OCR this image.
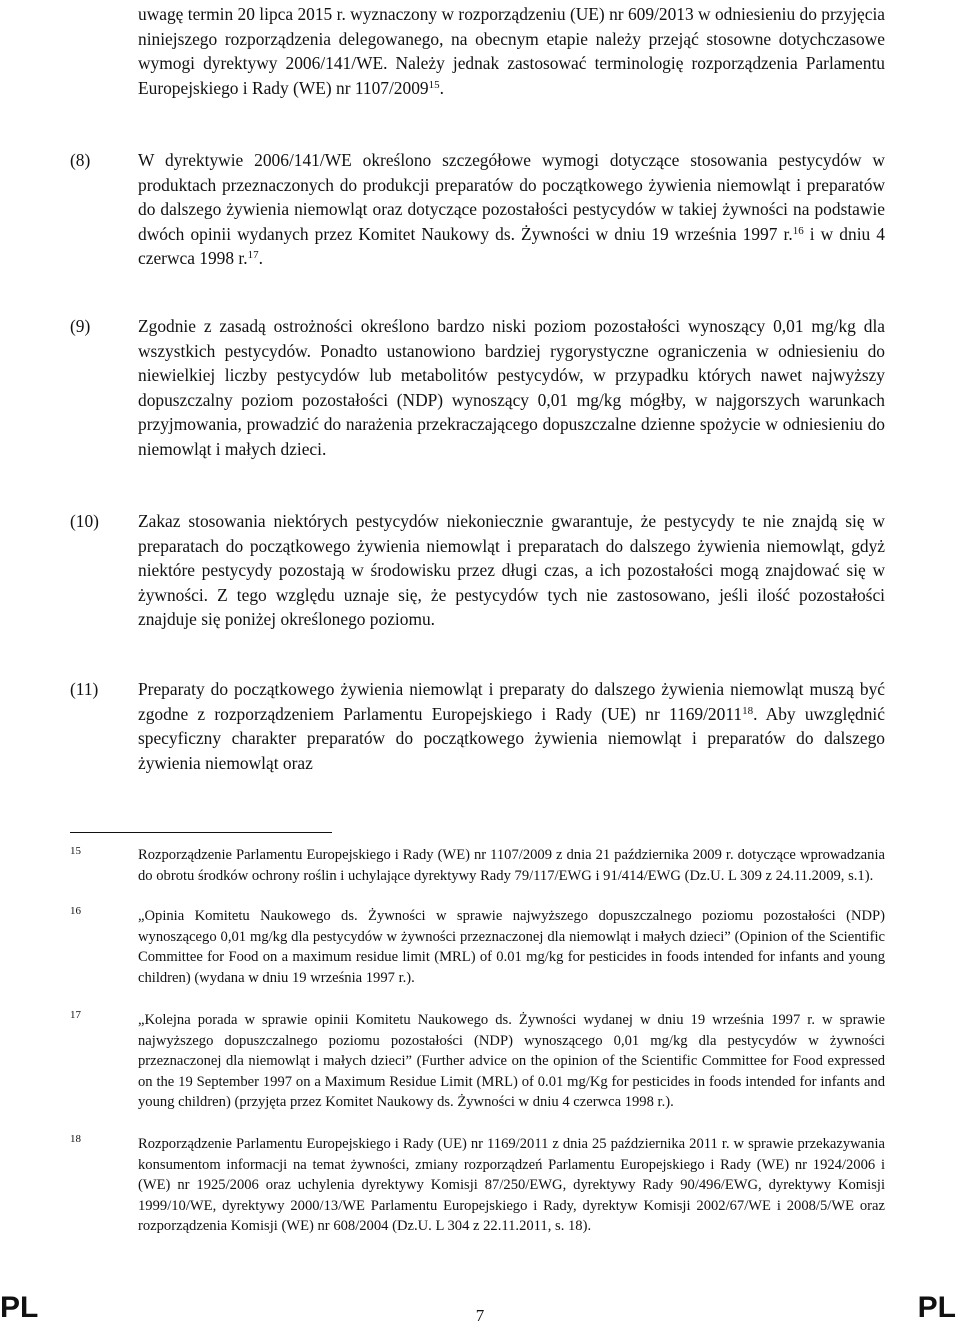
uwagę termin 20 lipca 2015 r. wyznaczony w rozporządzeniu (UE) nr 609/2013 w odniesieniu do przyjęcia niniejszego rozporządzenia delegowanego, na obecnym etapie należy przejąć stosowne dotychczasowe wymogi dyrektywy 2006/141/WE. Należy jednak zastosować terminologię rozporządzenia Parlamentu Europejskiego i Rady (WE) nr 1107/2009$^{15}$.

(8)	W dyrektywie 2006/141/WE określono szczegółowe wymogi dotyczące stosowania pestycydów w produktach przeznaczonych do produkcji preparatów do początkowego żywienia niemowląt i preparatów do dalszego żywienia niemowląt oraz dotyczące pozostałości pestycydów w takiej żywności na podstawie dwóch opinii wydanych przez Komitet Naukowy ds. Żywności w dniu 19 września 1997 r.$^{16}$ i w dniu 4 czerwca 1998 r.$^{17}$.

(9)	Zgodnie z zasadą ostrożności określono bardzo niski poziom pozostałości wynoszący 0,01 mg/kg dla wszystkich pestycydów. Ponadto ustanowiono bardziej rygorystyczne ograniczenia w odniesieniu do niewielkiej liczby pestycydów lub metabolitów pestycydów, w przypadku których nawet najwyższy dopuszczalny poziom pozostałości (NDP) wynoszący 0,01 mg/kg mógłby, w najgorszych warunkach przyjmowania, prowadzić do narażenia przekraczającego dopuszczalne dzienne spożycie w odniesieniu do niemowląt i małych dzieci.

(10)	Zakaz stosowania niektórych pestycydów niekoniecznie gwarantuje, że pestycydy te nie znajdą się w preparatach do początkowego żywienia niemowląt i preparatach do dalszego żywienia niemowląt, gdyż niektóre pestycydy pozostają w środowisku przez długi czas, a ich pozostałości mogą znajdować się w żywności. Z tego względu uznaje się, że pestycydów tych nie zastosowano, jeśli ilość pozostałości znajduje się poniżej określonego poziomu.

(11)	Preparaty do początkowego żywienia niemowląt i preparaty do dalszego żywienia niemowląt muszą być zgodne z rozporządzeniem Parlamentu Europejskiego i Rady (UE) nr 1169/2011$^{18}$. Aby uwzględnić specyficzny charakter preparatów do początkowego żywienia niemowląt i preparatów do dalszego żywienia niemowląt oraz

15	Rozporządzenie Parlamentu Europejskiego i Rady (WE) nr 1107/2009 z dnia 21 października 2009 r. dotyczące wprowadzania do obrotu środków ochrony roślin i uchylające dyrektywy Rady 79/117/EWG i 91/414/EWG (Dz.U. L 309 z 24.11.2009, s.1).

16	„Opinia Komitetu Naukowego ds. Żywności w sprawie najwyższego dopuszczalnego poziomu pozostałości (NDP) wynoszącego 0,01 mg/kg dla pestycydów w żywności przeznaczonej dla niemowląt i małych dzieci” (Opinion of the Scientific Committee for Food on a maximum residue limit (MRL) of 0.01 mg/kg for pesticides in foods intended for infants and young children) (wydana w dniu 19 września 1997 r.).

17	„Kolejna porada w sprawie opinii Komitetu Naukowego ds. Żywności wydanej w dniu 19 września 1997 r. w sprawie najwyższego dopuszczalnego poziomu pozostałości (NDP) wynoszącego 0,01 mg/kg dla pestycydów w żywności przeznaczonej dla niemowląt i małych dzieci” (Further advice on the opinion of the Scientific Committee for Food expressed on the 19 September 1997 on a Maximum Residue Limit (MRL) of 0.01 mg/Kg for pesticides in foods intended for infants and young children) (przyjęta przez Komitet Naukowy ds. Żywności w dniu 4 czerwca 1998 r.).

18	Rozporządzenie Parlamentu Europejskiego i Rady (UE) nr 1169/2011 z dnia 25 października 2011 r. w sprawie przekazywania konsumentom informacji na temat żywności, zmiany rozporządzeń Parlamentu Europejskiego i Rady (WE) nr 1924/2006 i (WE) nr 1925/2006 oraz uchylenia dyrektywy Komisji 87/250/EWG, dyrektywy Rady 90/496/EWG, dyrektywy Komisji 1999/10/WE, dyrektywy 2000/13/WE Parlamentu Europejskiego i Rady, dyrektyw Komisji 2002/67/WE i 2008/5/WE oraz rozporządzenia Komisji (WE) nr 608/2004 (Dz.U. L 304 z 22.11.2011, s. 18).

PL	7	PL
